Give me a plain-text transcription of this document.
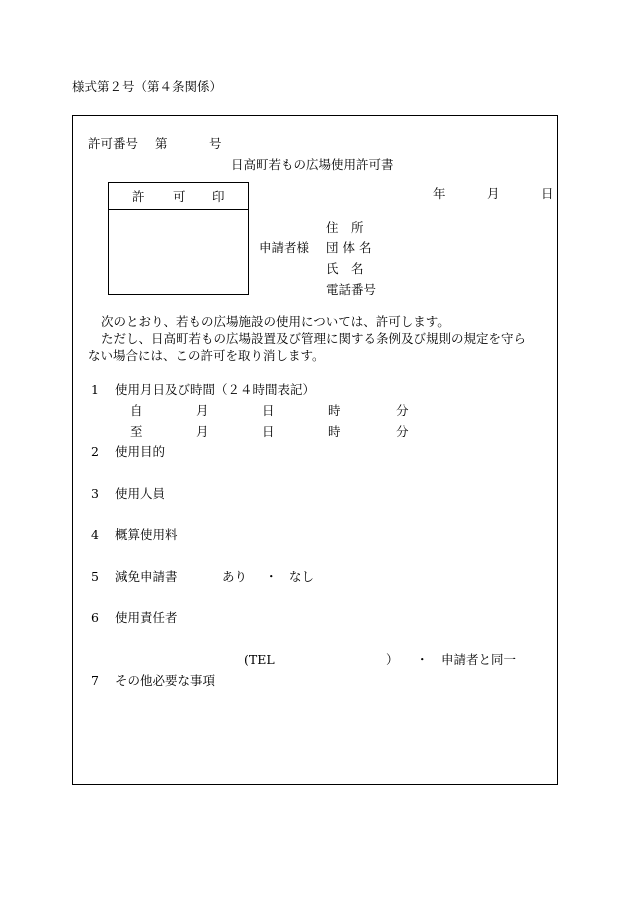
様式第２号（第４条関係）
許可番号 第	号
日高町若もの広場使用許可書
許 可 印	年	月	日
住　所
申請者様 団 体 名
氏　名
電話番号
次のとおり、若もの広場施設の使用については、許可します。
ただし、日高町若もの広場設置及び管理に関する条例及び規則の規定を守ら
ない場合には、この許可を取り消します。
1 使用月日及び時間（２４時間表記）
自	月	日	時	分
至	月	日	時	分
2 使用目的
3 使用人員
4 概算使用料
5 減免申請書	あり ・ なし
6 使用責任者
(TEL	） ・ 申請者と同一
7 その他必要な事項
